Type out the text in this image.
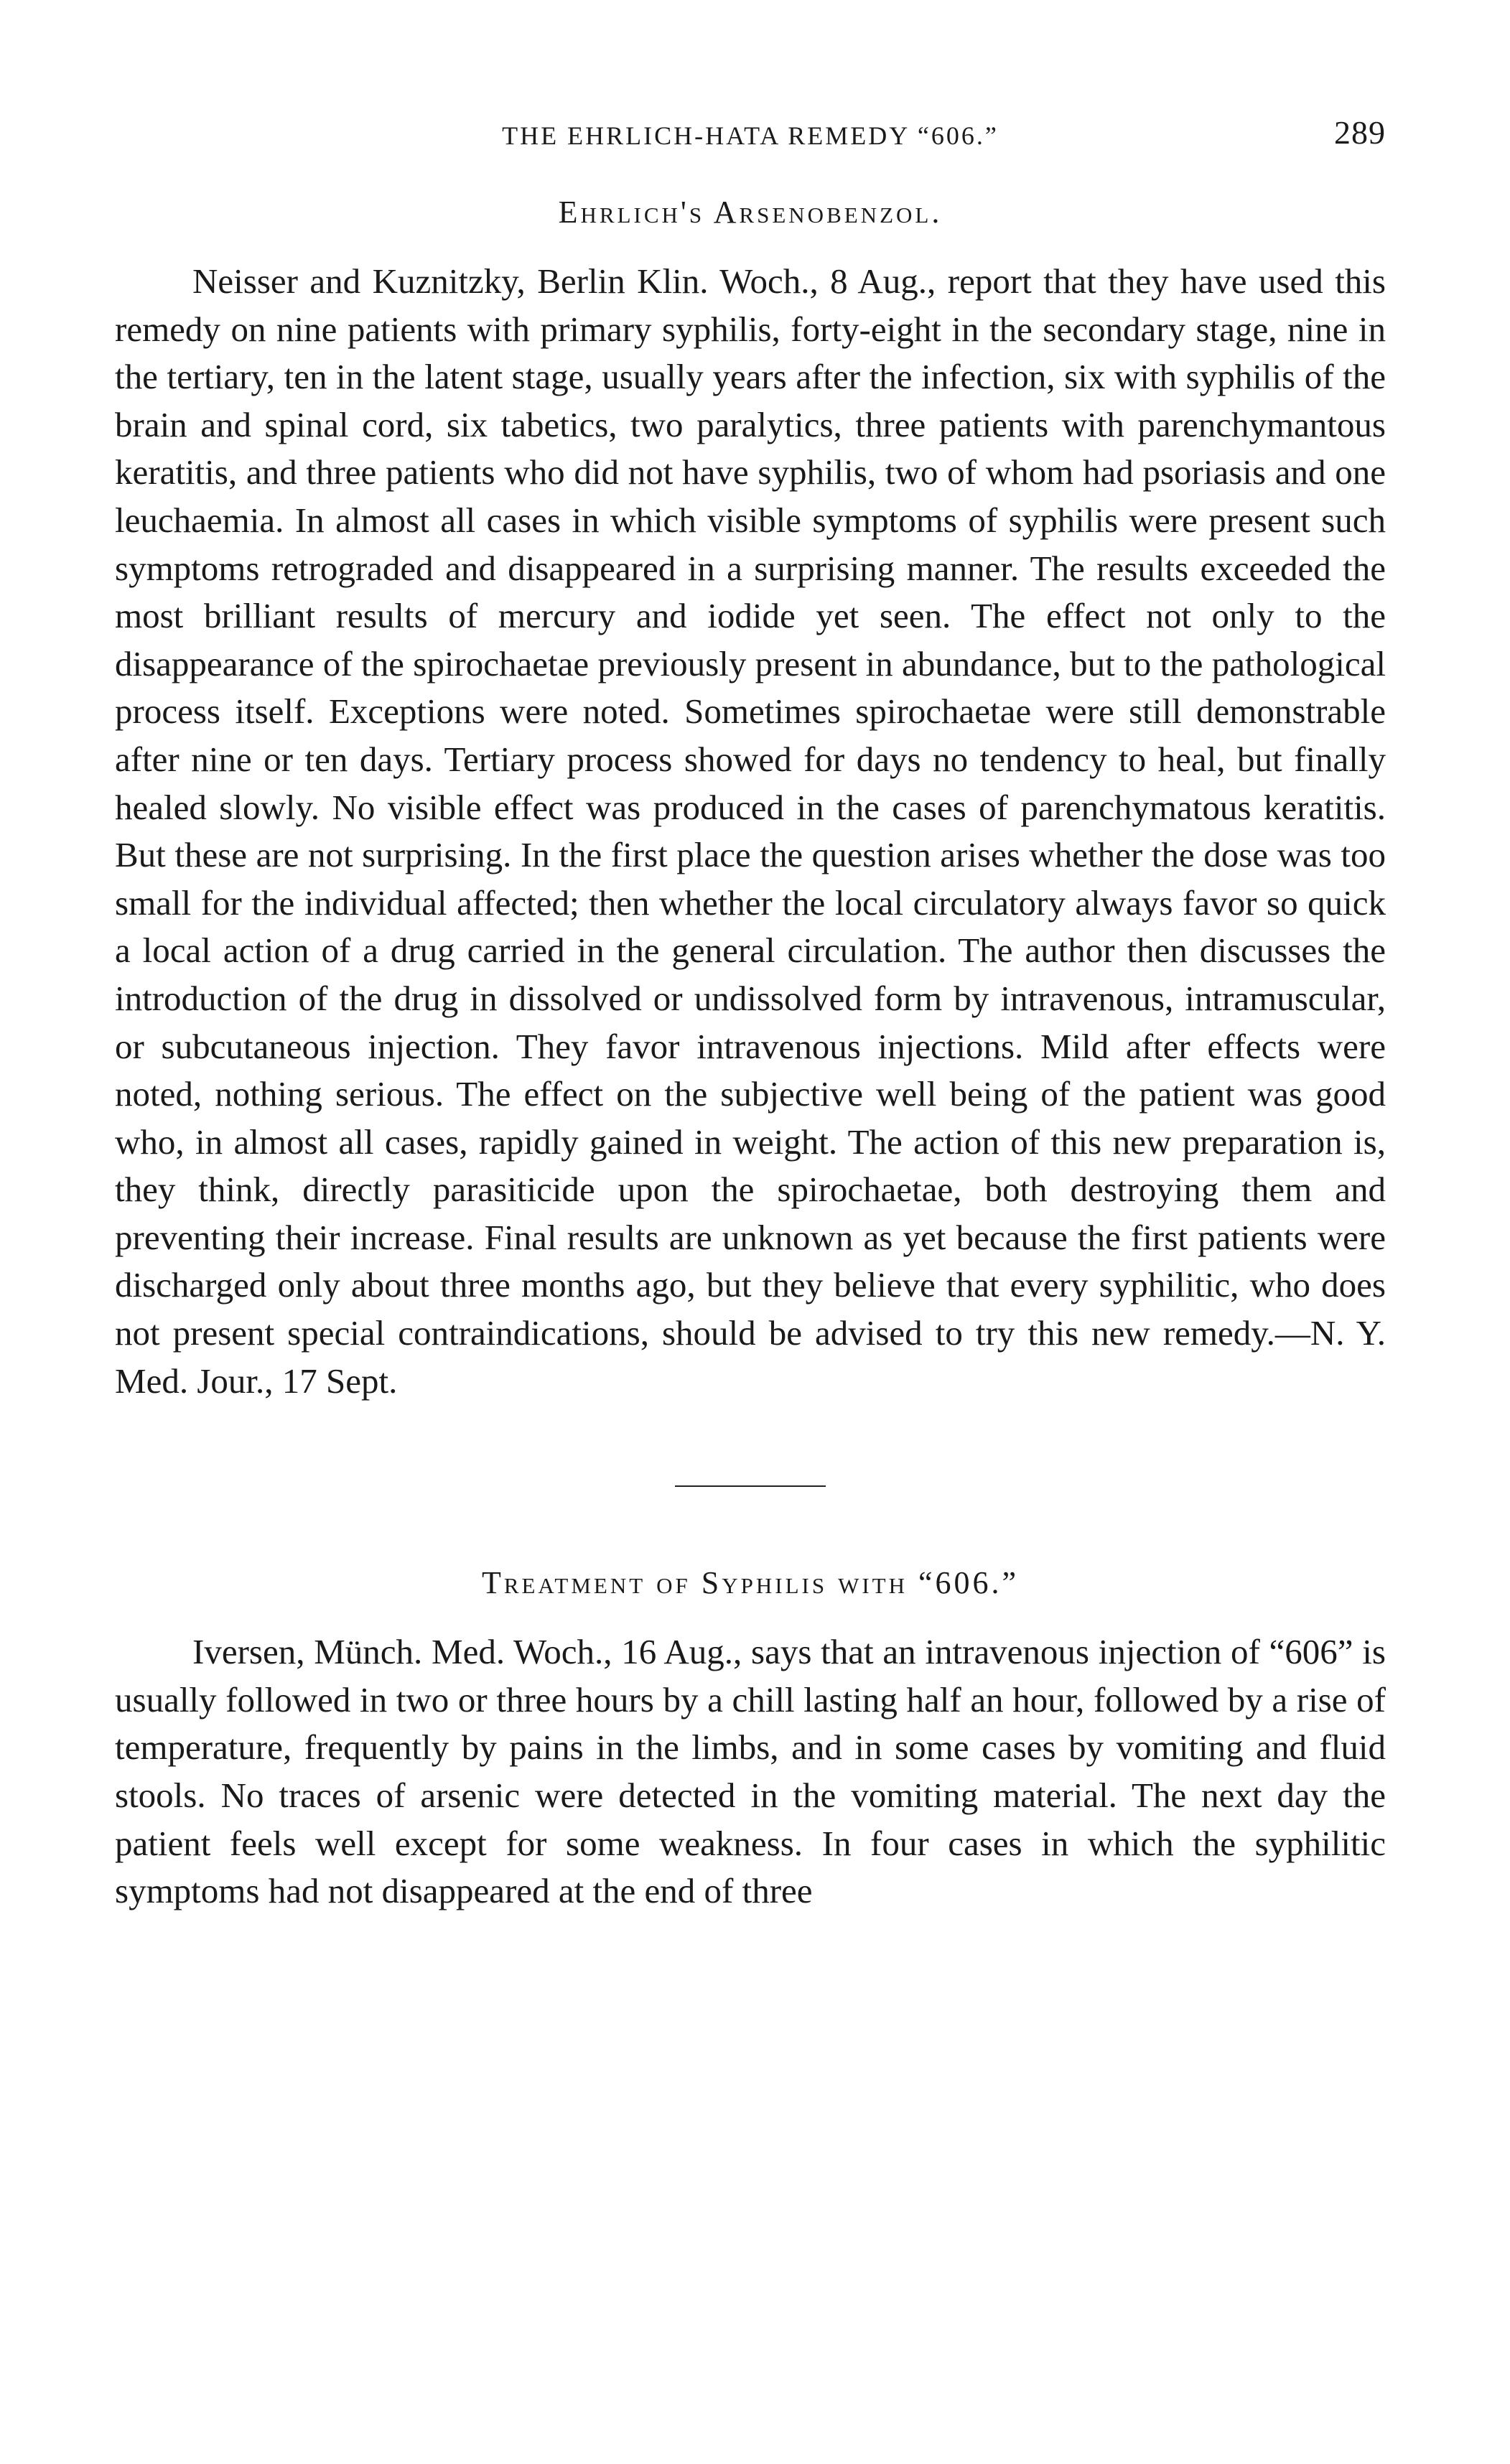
THE EHRLICH-HATA REMEDY “606.”	289
Ehrlich's Arsenobenzol.

Neisser and Kuznitzky, Berlin Klin. Woch., 8 Aug., report that they have used this remedy on nine patients with primary syphilis, forty-eight in the secondary stage, nine in the tertiary, ten in the latent stage, usually years after the infection, six with syphilis of the brain and spinal cord, six tabetics, two paralytics, three patients with parenchymantous keratitis, and three patients who did not have syphilis, two of whom had psoriasis and one leuchaemia. In almost all cases in which visible symptoms of syphilis were present such symptoms retrograded and disappeared in a surprising manner. The results exceeded the most brilliant results of mercury and iodide yet seen. The effect not only to the disappearance of the spirochaetae previously present in abundance, but to the pathological process itself. Exceptions were noted. Sometimes spirochaetae were still demonstrable after nine or ten days. Tertiary process showed for days no tendency to heal, but finally healed slowly. No visible effect was produced in the cases of parenchymatous keratitis. But these are not surprising. In the first place the question arises whether the dose was too small for the individual affected; then whether the local circulatory always favor so quick a local action of a drug carried in the general circulation. The author then discusses the introduction of the drug in dissolved or undissolved form by intravenous, intramuscular, or subcutaneous injection. They favor intravenous injections. Mild after effects were noted, nothing serious. The effect on the subjective well being of the patient was good who, in almost all cases, rapidly gained in weight. The action of this new preparation is, they think, directly parasiticide upon the spirochaetae, both destroying them and preventing their increase. Final results are unknown as yet because the first patients were discharged only about three months ago, but they believe that every syphilitic, who does not present special contraindications, should be advised to try this new remedy.—N. Y. Med. Jour., 17 Sept.

Treatment of Syphilis with “606.”

Iversen, Münch. Med. Woch., 16 Aug., says that an intravenous injection of “606” is usually followed in two or three hours by a chill lasting half an hour, followed by a rise of temperature, frequently by pains in the limbs, and in some cases by vomiting and fluid stools. No traces of arsenic were detected in the vomiting material. The next day the patient feels well except for some weakness. In four cases in which the syphilitic symptoms had not disappeared at the end of three
